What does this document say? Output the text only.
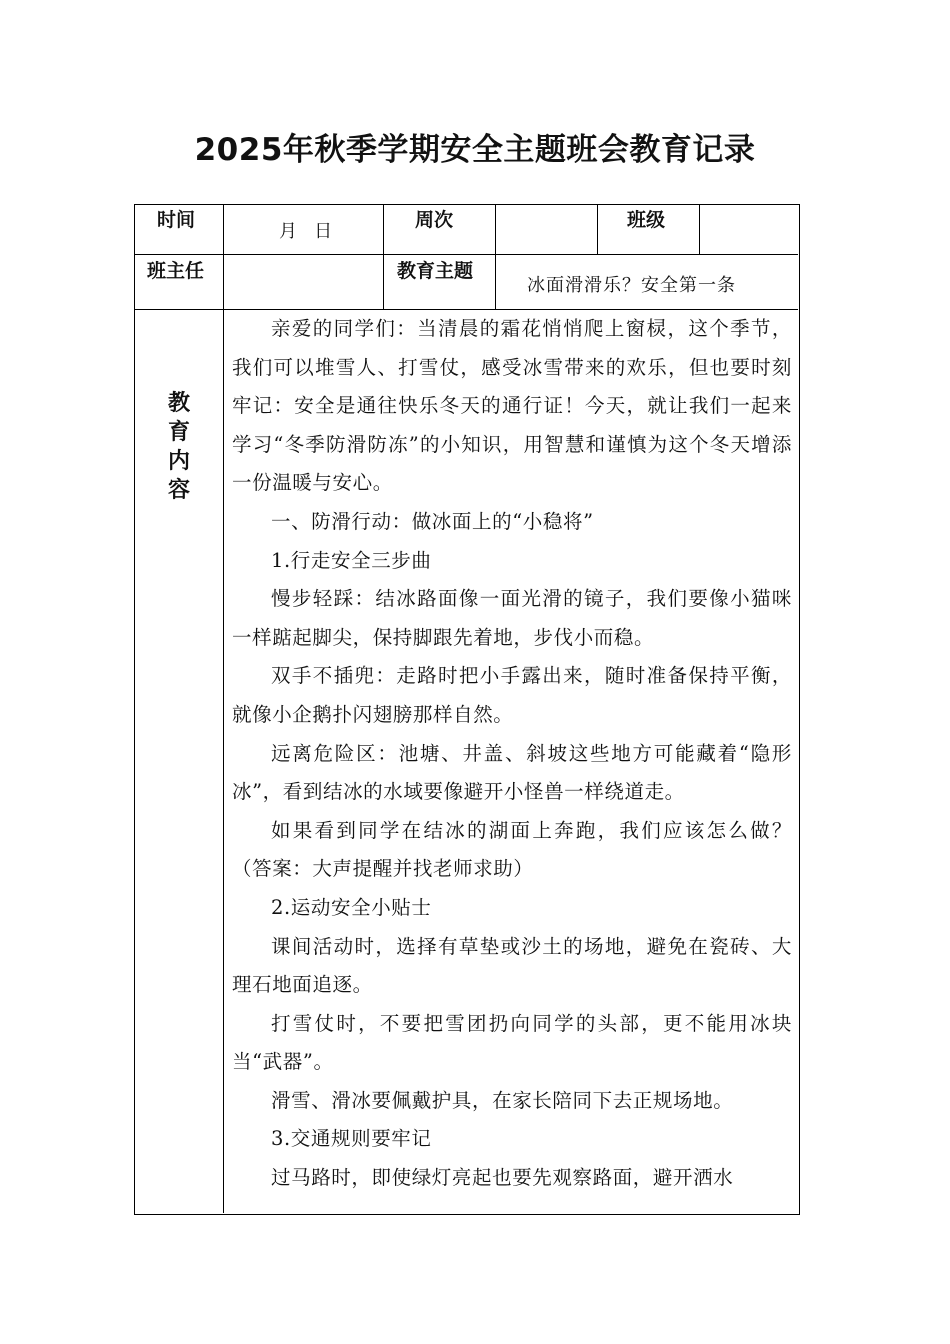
2025年秋季学期安全主题班会教育记录
时间
月   日
周次	班级
班主任	教育主题
冰面滑滑乐？安全第一条
教
育
内
容

亲爱的同学们：当清晨的霜花悄悄爬上窗棂，这个季节，我们可以堆雪人、打雪仗，感受冰雪带来的欢乐，但也要时刻牢记：安全是通往快乐冬天的通行证！今天，就让我们一起来学习“冬季防滑防冻”的小知识，用智慧和谨慎为这个冬天增添一份温暖与安心。

一、防滑行动：做冰面上的“小稳将”

1.行走安全三步曲

慢步轻踩：结冰路面像一面光滑的镜子，我们要像小猫咪一样踮起脚尖，保持脚跟先着地，步伐小而稳。

双手不插兜：走路时把小手露出来，随时准备保持平衡，就像小企鹅扑闪翅膀那样自然。

远离危险区：池塘、井盖、斜坡这些地方可能藏着“隐形冰”，看到结冰的水域要像避开小怪兽一样绕道走。

如果看到同学在结冰的湖面上奔跑，我们应该怎么做？（答案：大声提醒并找老师求助）

2.运动安全小贴士

课间活动时，选择有草垫或沙土的场地，避免在瓷砖、大理石地面追逐。

打雪仗时，不要把雪团扔向同学的头部，更不能用冰块当“武器”。

滑雪、滑冰要佩戴护具，在家长陪同下去正规场地。

3.交通规则要牢记

过马路时，即使绿灯亮起也要先观察路面，避开洒水
